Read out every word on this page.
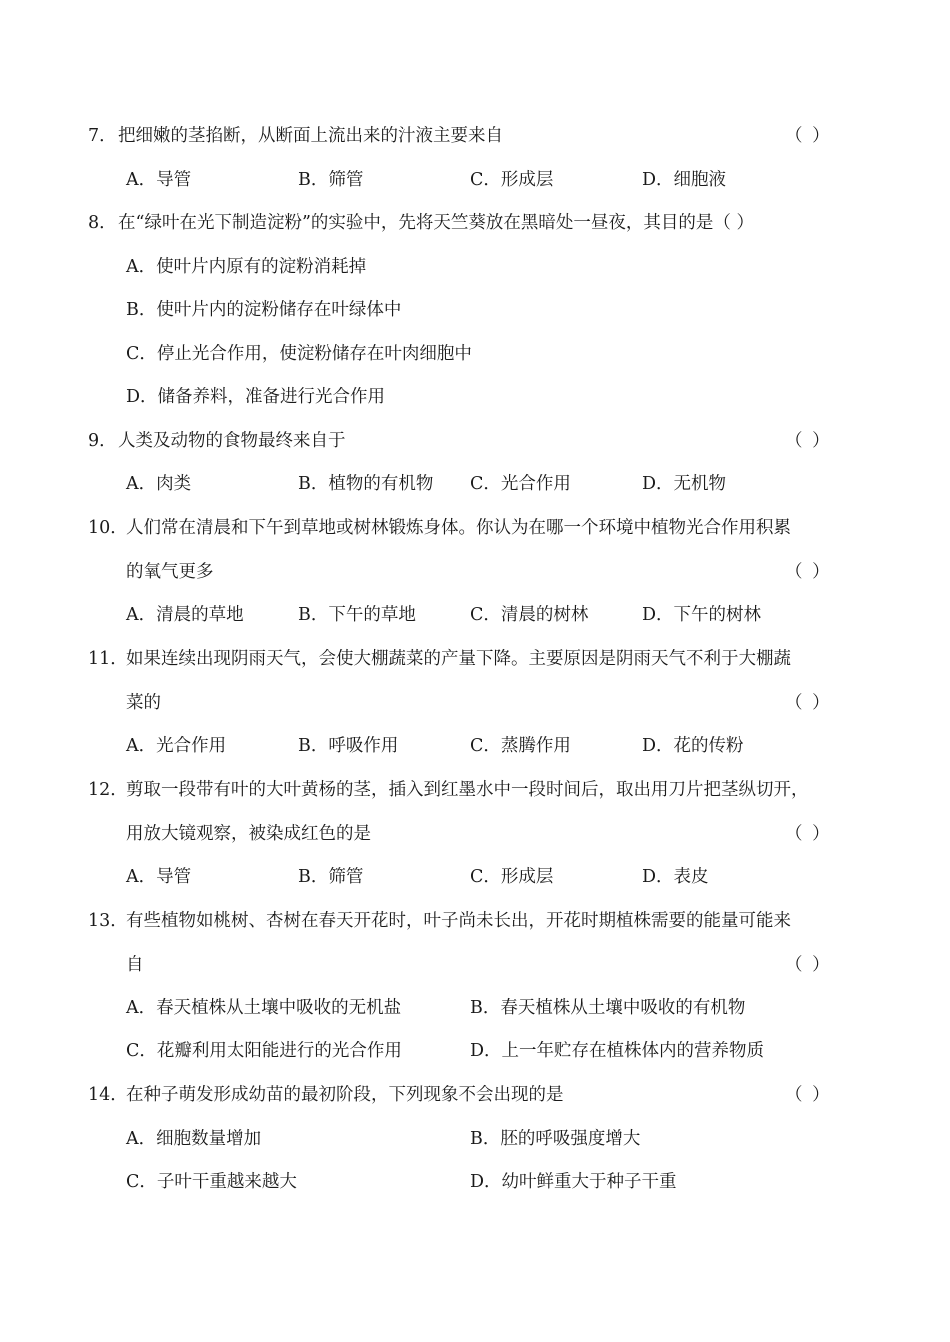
7． 把细嫩的茎掐断，从断面上流出来的汁液主要来自	（ ）
A．导管	B．筛管	C．形成层	D．细胞液
8． 在“绿叶在光下制造淀粉”的实验中，先将天竺葵放在黑暗处一昼夜，其目的是（ ）
A．使叶片内原有的淀粉消耗掉
B．使叶片内的淀粉储存在叶绿体中
C．停止光合作用，使淀粉储存在叶肉细胞中
D．储备养料，准备进行光合作用
9． 人类及动物的食物最终来自于	（ ）
A．肉类	B．植物的有机物 C．光合作用	D．无机物
10．
人们常在清晨和下午到草地或树林锻炼身体。你认为在哪一个环境中植物光合作用积累
的氧气更多	（ ）
A．清晨的草地	B．下午的草地	C．清晨的树林	D．下午的树林
11．
如果连续出现阴雨天气，会使大棚蔬菜的产量下降。主要原因是阴雨天气不利于大棚蔬
菜的	（ ）
A．光合作用	B．呼吸作用	C．蒸腾作用	D．花的传粉
12．
剪取一段带有叶的大叶黄杨的茎，插入到红墨水中一段时间后，取出用刀片把茎纵切开，
用放大镜观察，被染成红色的是	（ ）
A．导管	B．筛管	C．形成层	D．表皮
13．
有些植物如桃树、杏树在春天开花时，叶子尚未长出，开花时期植株需要的能量可能来
自	（ ）
A．春天植株从土壤中吸收的无机盐	B．春天植株从土壤中吸收的有机物
C．花瓣利用太阳能进行的光合作用	D．上一年贮存在植株体内的营养物质
14．
在种子萌发形成幼苗的最初阶段，下列现象不会出现的是	（ ）
A．细胞数量增加	B．胚的呼吸强度增大
C．子叶干重越来越大	D．幼叶鲜重大于种子干重
